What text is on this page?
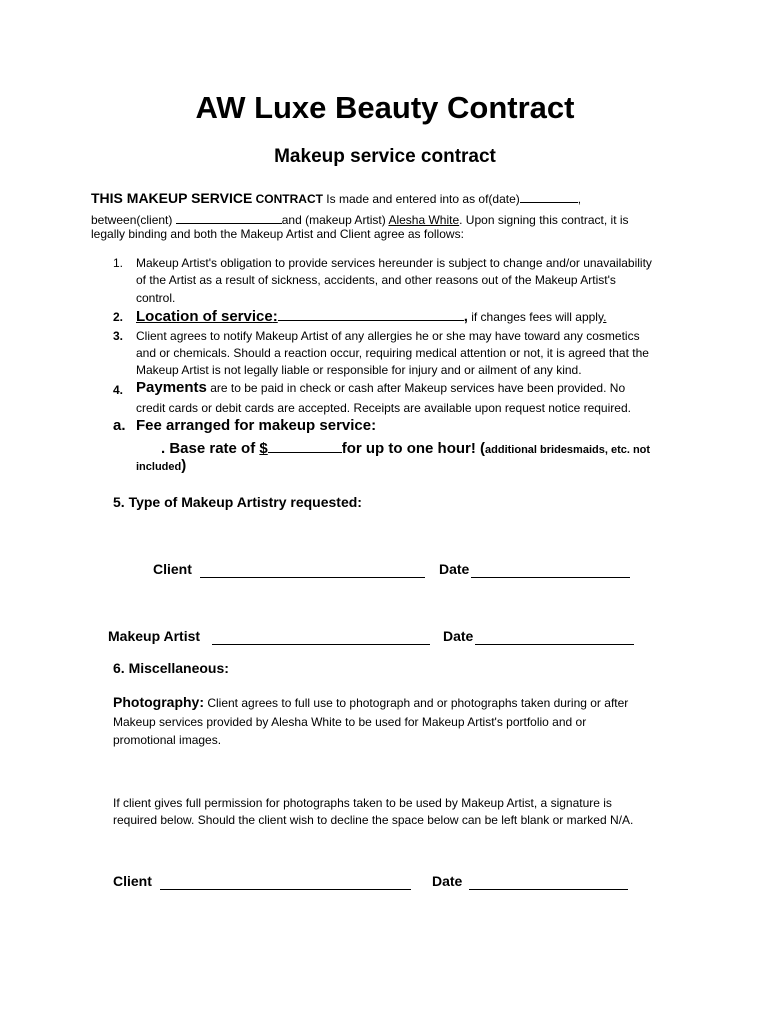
AW Luxe Beauty Contract
Makeup service contract
THIS MAKEUP SERVICE CONTRACT Is made and entered into as of(date)	,
between(client)	and (makeup Artist) Alesha White. Upon signing this contract, it is
legally binding and both the Makeup Artist and Client agree as follows:
1. Makeup Artist's obligation to provide services hereunder is subject to change and/or unavailability
of the Artist as a result of sickness, accidents, and other reasons out of the Makeup Artist's
control.
2. Location of service:	, if changes fees will apply.
3. Client agrees to notify Makeup Artist of any allergies he or she may have toward any cosmetics
and or chemicals. Should a reaction occur, requiring medical attention or not, it is agreed that the
Makeup Artist is not legally liable or responsible for injury and or ailment of any kind.
4. Payments are to be paid in check or cash after Makeup services have been provided. No
credit cards or debit cards are accepted. Receipts are available upon request notice required.
a. Fee arranged for makeup service:
. Base rate of $	for up to one hour! (additional bridesmaids, etc. not
included)
5. Type of Makeup Artistry requested:
Client	Date
Makeup Artist	Date
6. Miscellaneous:
Photography: Client agrees to full use to photograph and or photographs taken during or after
Makeup services provided by Alesha White to be used for Makeup Artist's portfolio and or
promotional images.
If client gives full permission for photographs taken to be used by Makeup Artist, a signature is
required below. Should the client wish to decline the space below can be left blank or marked N/A.
Client	Date
